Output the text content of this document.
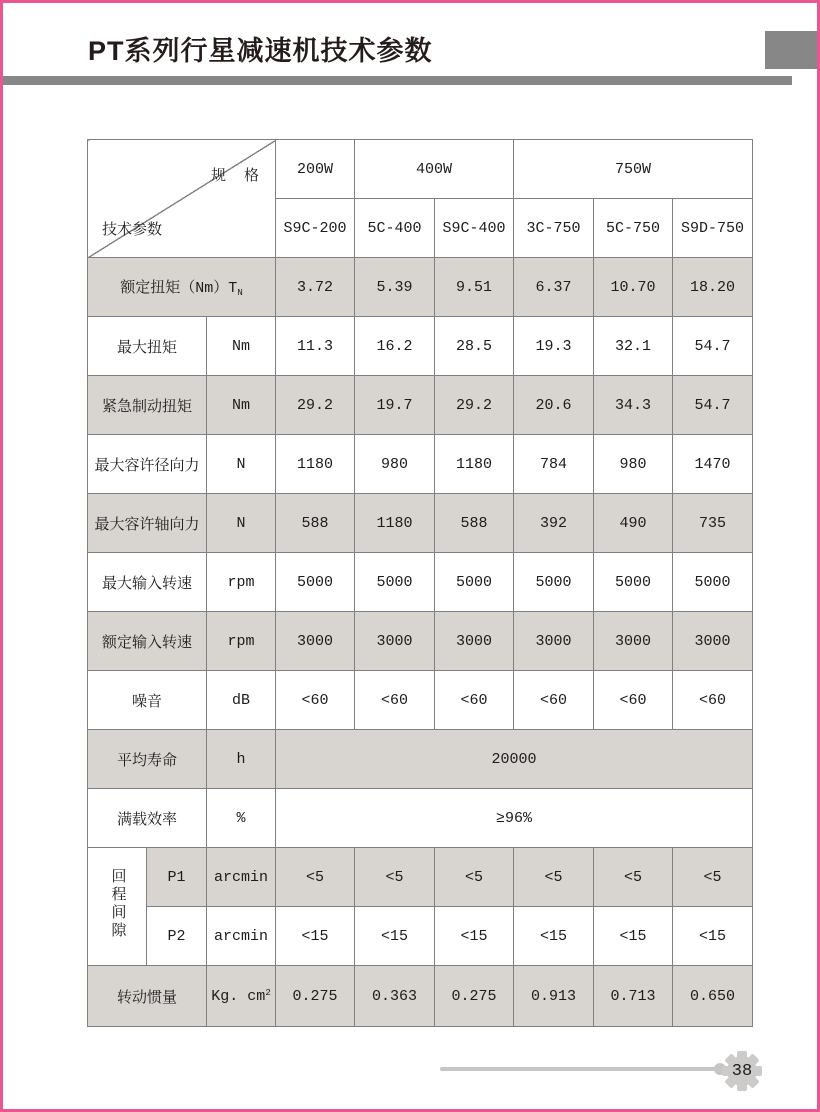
PT系列行星减速机技术参数
规  格
技术参数			200W	400W		750W		
			S9C-200	5C-400	S9C-400	3C-750	5C-750	S9D-750
额定扭矩$(Nm)T_N$			3.72	5.39	9.51	6.37	10.70	18.20
最大扭矩		Nm	11.3	16.2	28.5	19.3	32.1	54.7
紧急制动扭矩		Nm	29.2	19.7	29.2	20.6	34.3	54.7
最大容许径向力		N	1180	980	1180	784	980	1470
最大容许轴向力		N	588	1180	588	392	490	735
最大输入转速		rpm	5000	5000	5000	5000	5000	5000
额定输入转速		rpm	3000	3000	3000	3000	3000	3000
噪音		dB	<60	<60	<60	<60	<60	<60
平均寿命		h	20000					
满载效率		%	≥96%					
回程间隙	P1	arcmin	<5	<5	<5	<5	<5	<5
	P2	arcmin	<15	<15	<15	<15	<15	<15
转动惯量		Kg. $cm^2$	0.275	0.363	0.275	0.913	0.713	0.650
38
